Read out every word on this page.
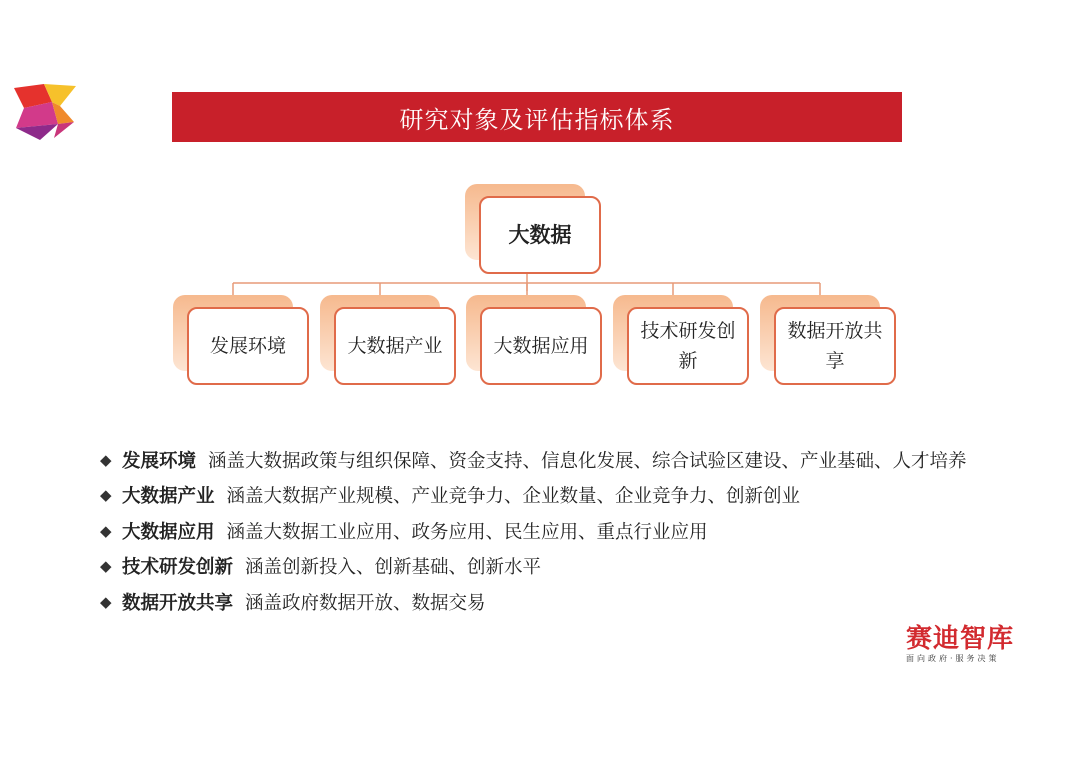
研究对象及评估指标体系
大数据
发展环境	大数据产业	大数据应用
技术研发创新
数据开放共享
◆ 发展环境 涵盖大数据政策与组织保障、资金支持、信息化发展、综合试验区建设、产业基础、人才培养
◆ 大数据产业 涵盖大数据产业规模、产业竞争力、企业数量、企业竞争力、创新创业
◆ 大数据应用 涵盖大数据工业应用、政务应用、民生应用、重点行业应用
◆ 技术研发创新 涵盖创新投入、创新基础、创新水平
◆ 数据开放共享 涵盖政府数据开放、数据交易
赛迪智库
面向政府·服务决策
